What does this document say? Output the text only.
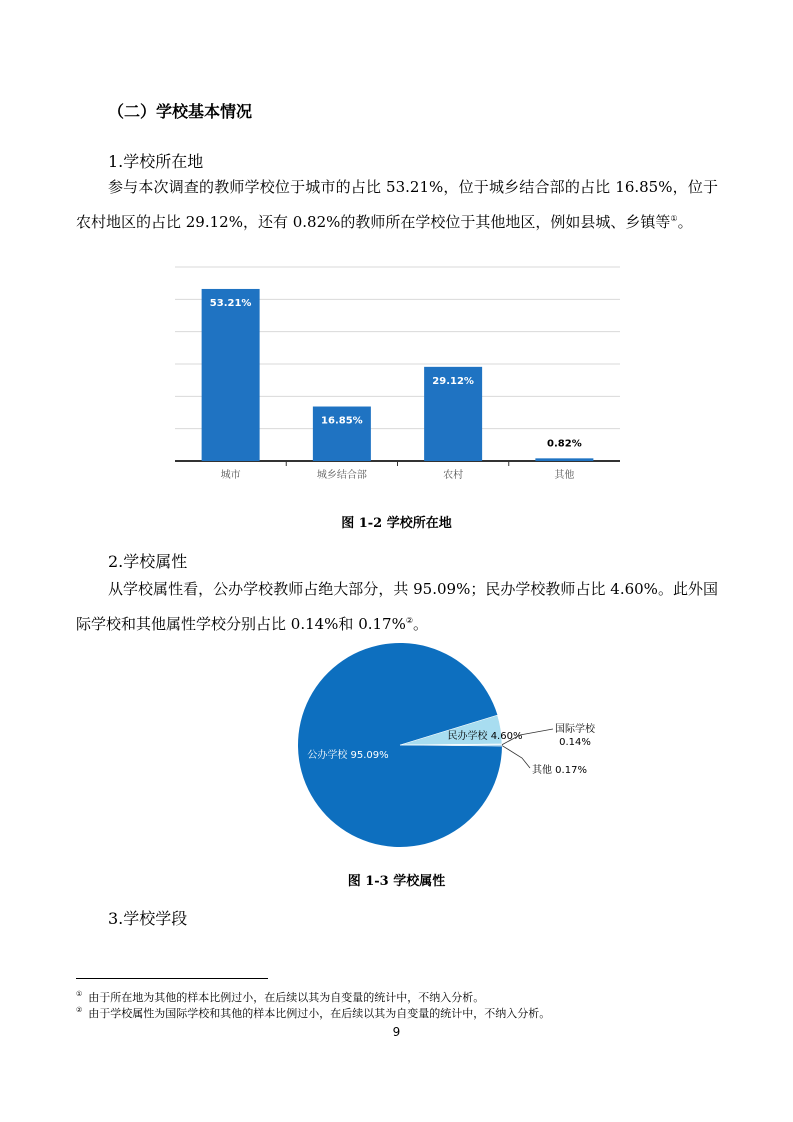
（二）学校基本情况
1.学校所在地
参与本次调查的教师学校位于城市的占比 53.21%，位于城乡结合部的占比 16.85%，位于农村地区的占比 29.12%，还有 0.82%的教师所在学校位于其他地区，例如县城、乡镇等①。
53.21%
16.85%
29.12%
0.82%
城市	城乡结合部	农村	其他
图 1-2 学校所在地
2.学校属性
从学校属性看，公办学校教师占绝大部分，共 95.09%；民办学校教师占比 4.60%。此外国际学校和其他属性学校分别占比 0.14%和 0.17%②。
公办学校 95.09%
民办学校 4.60%
国际学校
0.14%
其他 0.17%
图 1-3 学校属性
3.学校学段
① 由于所在地为其他的样本比例过小，在后续以其为自变量的统计中，不纳入分析。
② 由于学校属性为国际学校和其他的样本比例过小，在后续以其为自变量的统计中，不纳入分析。
9
